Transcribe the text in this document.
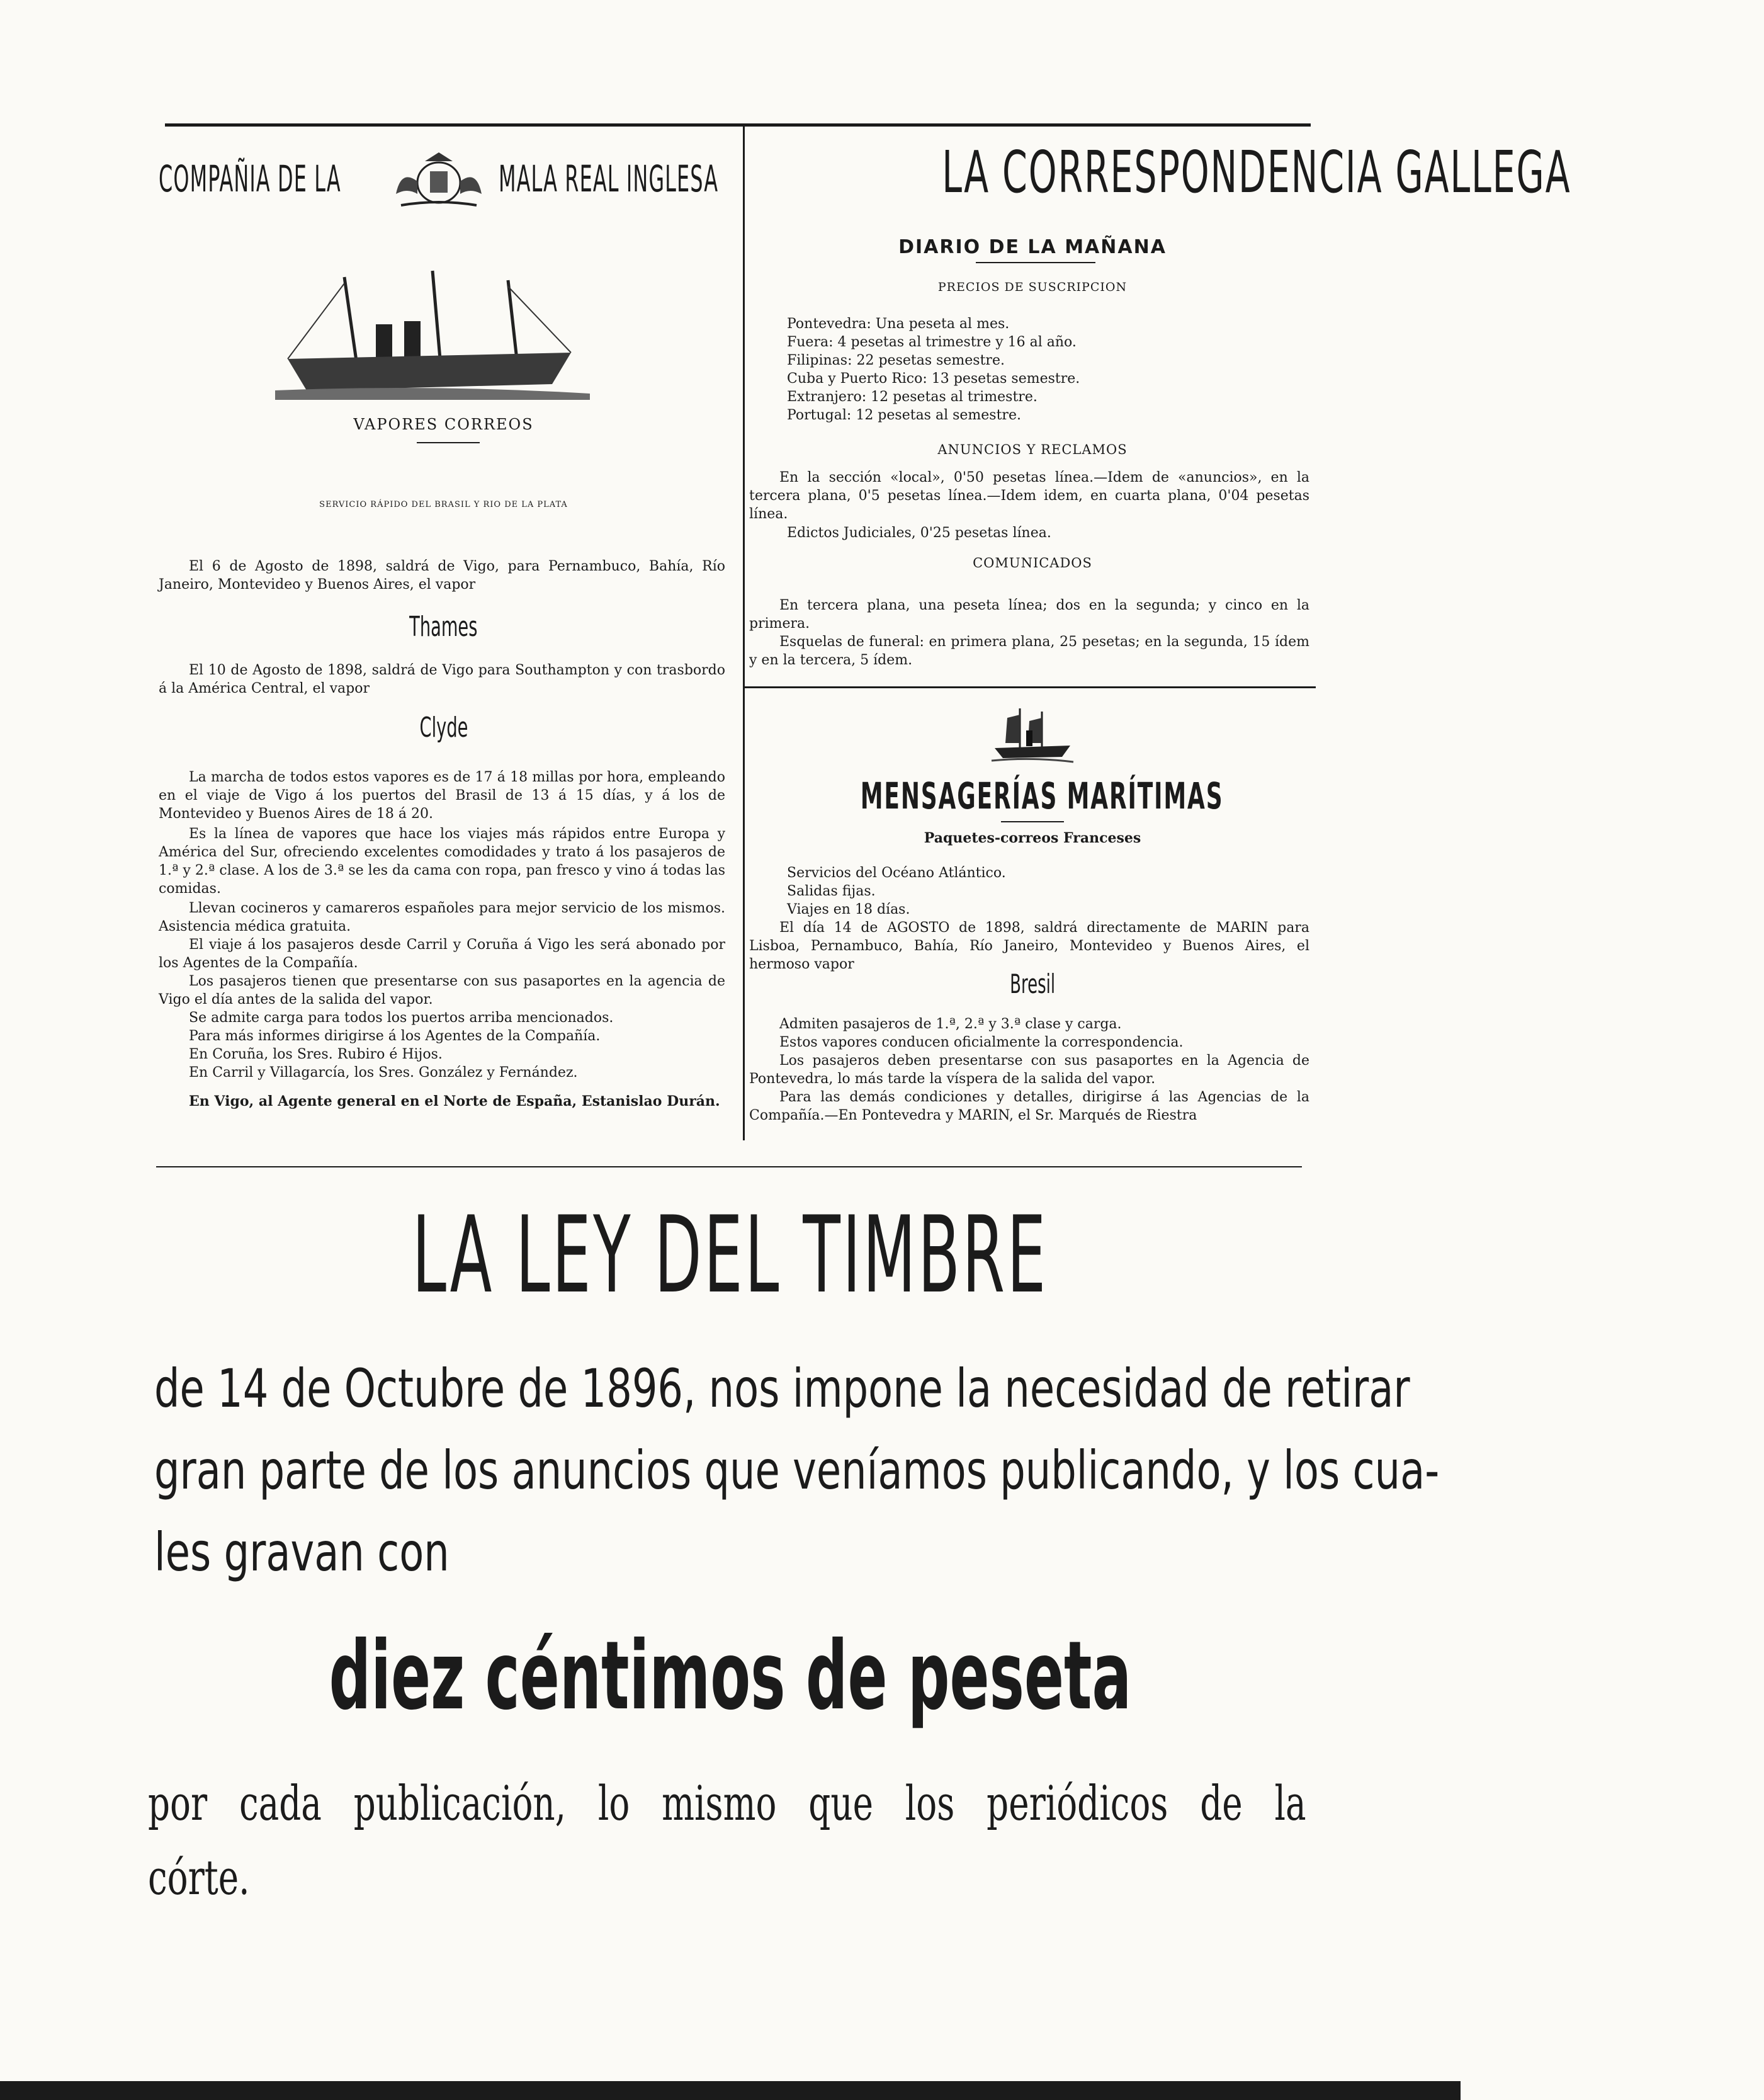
COMPAÑIA DE LA	MALA REAL INGLESA
VAPORES CORREOS
SERVICIO RÁPIDO DEL BRASIL Y RIO DE LA PLATA

El 6 de Agosto de 1898, saldrá de Vigo, para Pernambuco, Bahía, Río Janeiro, Montevideo y Buenos Aires, el vapor

Thames

El 10 de Agosto de 1898, saldrá de Vigo para Southampton y con trasbordo á la América Central, el vapor

Clyde

La marcha de todos estos vapores es de 17 á 18 millas por hora, empleando en el viaje de Vigo á los puertos del Brasil de 13 á 15 días, y á los de Montevideo y Buenos Aires de 18 á 20.

Es la línea de vapores que hace los viajes más rápidos entre Europa y América del Sur, ofreciendo excelentes comodidades y trato á los pasajeros de 1.ª y 2.ª clase. A los de 3.ª se les da cama con ropa, pan fresco y vino á todas las comidas.

Llevan cocineros y camareros españoles para mejor servicio de los mismos. Asistencia médica gratuita.

El viaje á los pasajeros desde Carril y Coruña á Vigo les será abonado por los Agentes de la Compañía.

Los pasajeros tienen que presentarse con sus pasaportes en la agencia de Vigo el día antes de la salida del vapor.

Se admite carga para todos los puertos arriba mencionados.

Para más informes dirigirse á los Agentes de la Compañía.

En Coruña, los Sres. Rubiro é Hijos.

En Carril y Villagarcía, los Sres. González y Fernández.

En Vigo, al Agente general en el Norte de España, Estanislao Durán.

LA CORRESPONDENCIA GALLEGA
DIARIO DE LA MAÑANA
PRECIOS DE SUSCRIPCION

Pontevedra: Una peseta al mes.

Fuera: 4 pesetas al trimestre y 16 al año.

Filipinas: 22 pesetas semestre.

Cuba y Puerto Rico: 13 pesetas semestre.

Extranjero: 12 pesetas al trimestre.

Portugal: 12 pesetas al semestre.

ANUNCIOS Y RECLAMOS

En la sección «local», 0'50 pesetas línea.—Idem de «anuncios», en la tercera plana, 0'5 pesetas línea.—Idem idem, en cuarta plana, 0'04 pesetas línea.

Edictos Judiciales, 0'25 pesetas línea.

COMUNICADOS

En tercera plana, una peseta línea; dos en la segunda; y cinco en la primera.

Esquelas de funeral: en primera plana, 25 pesetas; en la segunda, 15 ídem y en la tercera, 5 ídem.

MENSAGERÍAS MARÍTIMAS
Paquetes-correos Franceses

Servicios del Océano Atlántico.

Salidas fijas.

Viajes en 18 días.

El día 14 de AGOSTO de 1898, saldrá directamente de MARIN para Lisboa, Pernambuco, Bahía, Río Janeiro, Montevideo y Buenos Aires, el hermoso vapor

Bresil

Admiten pasajeros de 1.ª, 2.ª y 3.ª clase y carga.

Estos vapores conducen oficialmente la correspondencia.

Los pasajeros deben presentarse con sus pasaportes en la Agencia de Pontevedra, lo más tarde la víspera de la salida del vapor.

Para las demás condiciones y detalles, dirigirse á las Agencias de la Compañía.—En Pontevedra y MARIN, el Sr. Marqués de Riestra

LA LEY DEL TIMBRE
de 14 de Octubre de 1896, nos impone la necesidad de retirar
gran parte de los anuncios que veníamos publicando, y los cua-
les gravan con
diez céntimos de peseta
por cada publicación, lo mismo que los periódicos de la
córte.
